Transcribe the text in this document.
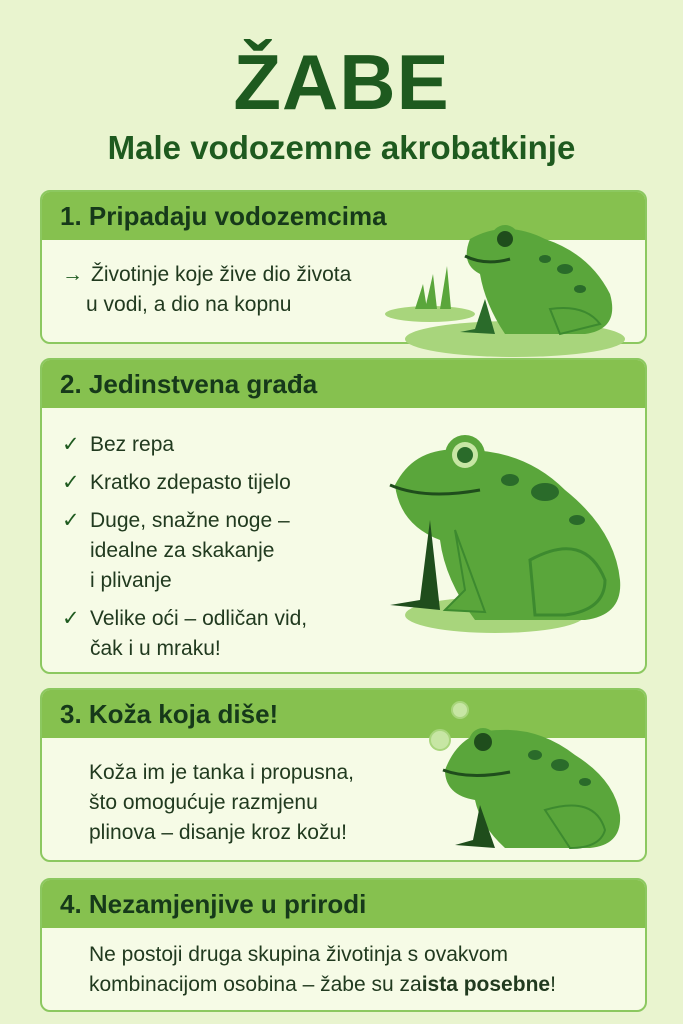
ŽABE
Male vodozemne akrobatkinje
1. Pripadaju vodozemcima
→ Životinje koje žive dio života
u vodi, a dio na kopnu
2. Jedinstvena građa
✓ Bez repa
✓ Kratko zdepasto tijelo
✓ Duge, snažne noge –
idealne za skakanje
i plivanje
✓ Velike oći – odličan vid,
čak i u mraku!
3. Koža koja diše!

Koža im je tanka i propusna,
što omogućuje razmjenu
plinova – disanje kroz kožu!

4. Nezamjenjive u prirodi

Ne postoji druga skupina životinja s ovakvom
kombinacijom osobina – žabe su zaista posebne!
